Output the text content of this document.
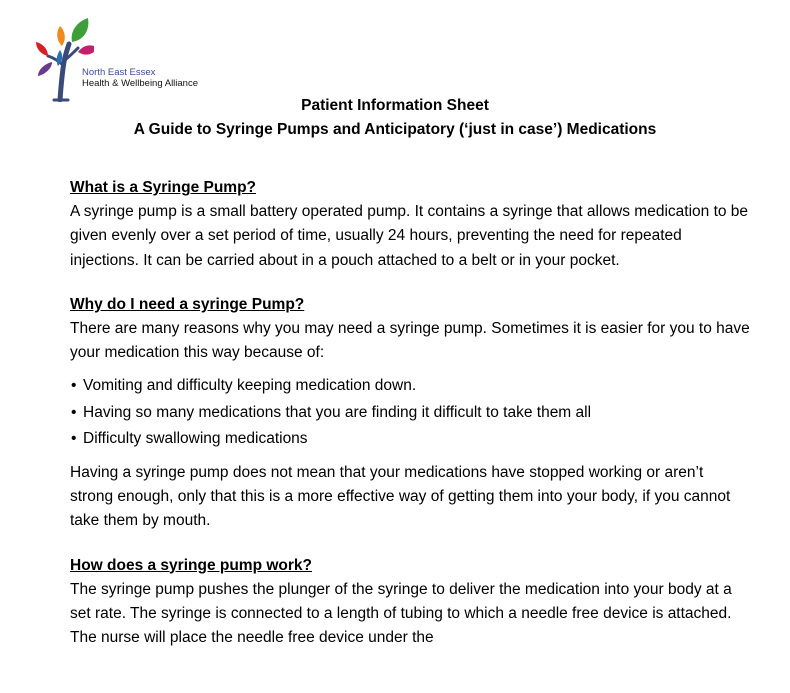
North East Essex
Health & Wellbeing Alliance
Patient Information Sheet
A Guide to Syringe Pumps and Anticipatory (‘just in case’) Medications
What is a Syringe Pump?
A syringe pump is a small battery operated pump. It contains a syringe that allows medication to be given evenly over a set period of time, usually 24 hours, preventing the need for repeated injections. It can be carried about in a pouch attached to a belt or in your pocket.
Why do I need a syringe Pump?
There are many reasons why you may need a syringe pump. Sometimes it is easier for you to have your medication this way because of:
• Vomiting and difficulty keeping medication down.
• Having so many medications that you are finding it difficult to take them all
• Difficulty swallowing medications
Having a syringe pump does not mean that your medications have stopped working or aren’t strong enough, only that this is a more effective way of getting them into your body, if you cannot take them by mouth.
How does a syringe pump work?
The syringe pump pushes the plunger of the syringe to deliver the medication into your body at a set rate. The syringe is connected to a length of tubing to which a needle free device is attached. The nurse will place the needle free device under the
